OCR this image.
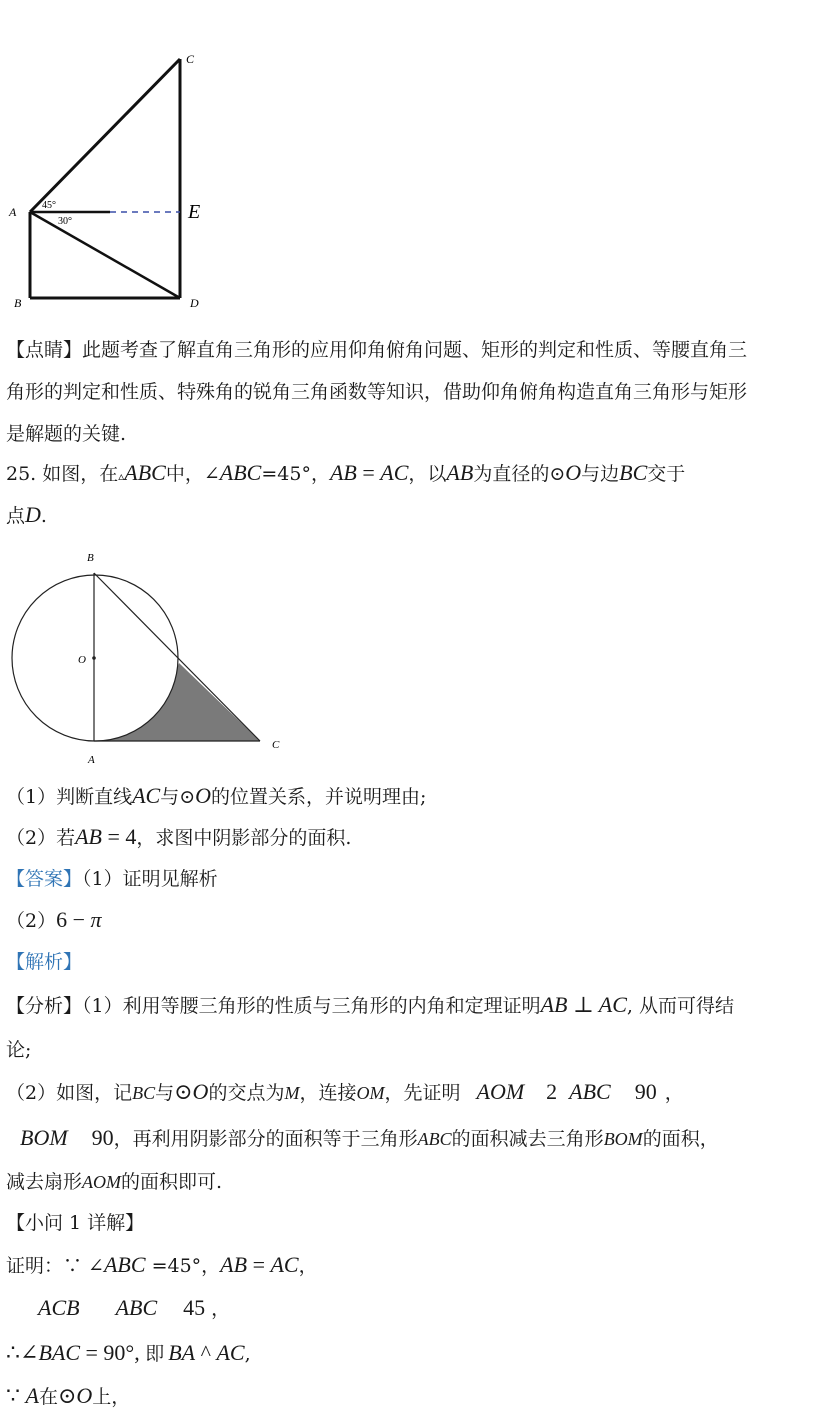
C
A	E
B	D
45°
30°
【点睛】此题考查了解直角三角形的应用仰角俯角问题、矩形的判定和性质、等腰直角三
角形的判定和性质、特殊角的锐角三角函数等知识，借助仰角俯角构造直角三角形与矩形
是解题的关键.
25. 如图，在▵ABC中，∠ABC=45°，AB = AC，以AB为直径的⊙O与边BC交于
点D.
B
O
A
C
（1）判断直线AC与⊙O的位置关系，并说明理由;
（2）若AB = 4，求图中阴影部分的面积.
【答案】（1）证明见解析
（2）6 − π
【解析】
【分析】（1）利用等腰三角形的性质与三角形的内角和定理证明AB ⊥ AC, 从而可得结
论;
（2）如图，记BC与⊙O的交点为M，连接OM，先证明 AOM 2 ABC 90 ，
BOM 90，再利用阴影部分的面积等于三角形ABC的面积减去三角形BOM的面积，
减去扇形AOM的面积即可.
【小问 1 详解】
证明：∵ ∠ABC =45°，AB = AC，
ACB ABC 45 ，
∴∠BAC = 90°, 即 BA ^ AC,
∵ A在⊙O上，
